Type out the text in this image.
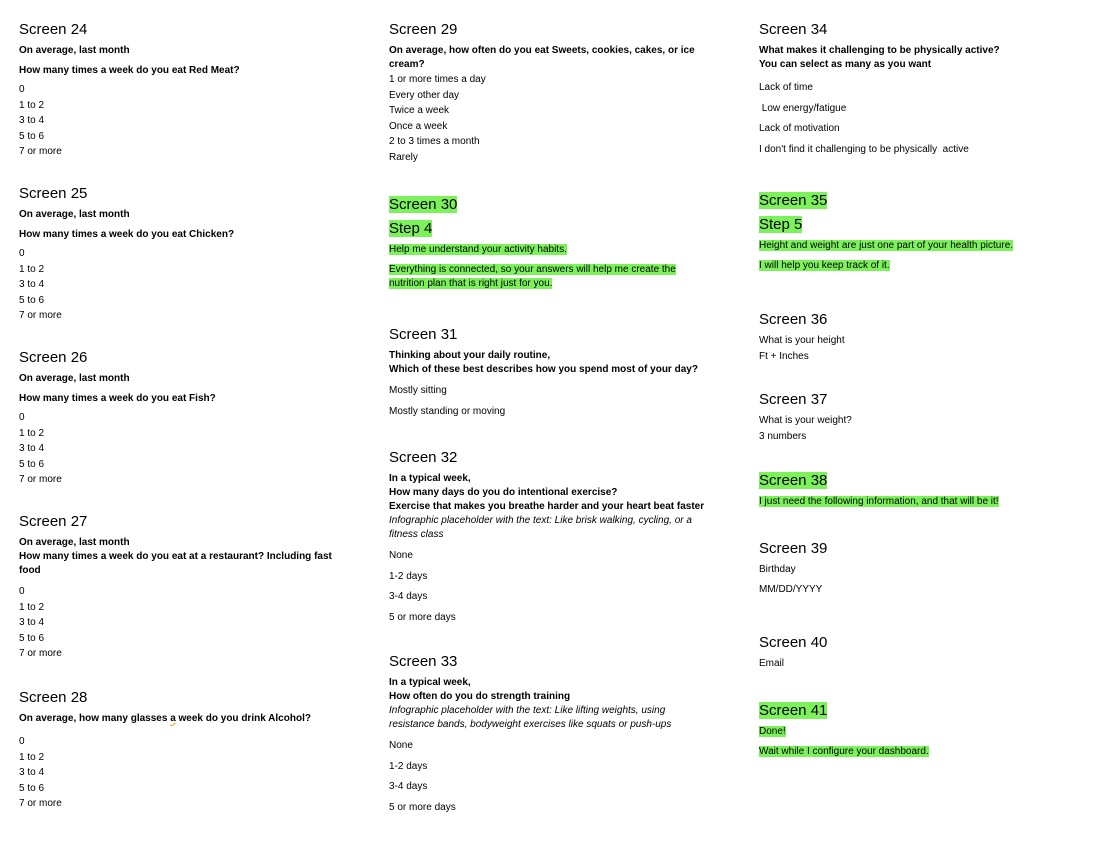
Screen 24

On average, last month

How many times a week do you eat Red Meat?

0

1 to 2

3 to 4

5 to 6

7 or more

Screen 25

On average, last month

How many times a week do you eat Chicken?

0

1 to 2

3 to 4

5 to 6

7 or more

Screen 26

On average, last month

How many times a week do you eat Fish?

0

1 to 2

3 to 4

5 to 6

7 or more

Screen 27

On average, last month

How many times a week do you eat at a restaurant? Including fast food

0

1 to 2

3 to 4

5 to 6

7 or more

Screen 28

On average, how many glasses a week do you drink Alcohol?

0

1 to 2

3 to 4

5 to 6

7 or more

Screen 29

On average, how often do you eat Sweets, cookies, cakes, or ice cream?

1 or more times a day

Every other day

Twice a week

Once a week

2 to 3 times a month

Rarely

Screen 30
Step 4

Help me understand your activity habits.

Everything is connected, so your answers will help me create the
nutrition plan that is right just for you.

Screen 31

Thinking about your daily routine,

Which of these best describes how you spend most of your day?

Mostly sitting

Mostly standing or moving

Screen 32

In a typical week,

How many days do you do intentional exercise?

Exercise that makes you breathe harder and your heart beat faster

Infographic placeholder with the text: Like brisk walking, cycling, or a fitness class

None

1-2 days

3-4 days

5 or more days

Screen 33

In a typical week,

How often do you do strength training

Infographic placeholder with the text: Like lifting weights, using resistance bands, bodyweight exercises like squats or push-ups

None

1-2 days

3-4 days

5 or more days

Screen 34

What makes it challenging to be physically active?

You can select as many as you want

Lack of time

Low energy/fatigue

Lack of motivation

I don't find it challenging to be physically  active

Screen 35
Step 5

Height and weight are just one part of your health picture.

I will help you keep track of it.

Screen 36

What is your height

Ft + Inches

Screen 37

What is your weight?

3 numbers

Screen 38

I just need the following information, and that will be it!

Screen 39

Birthday

MM/DD/YYYY

Screen 40

Email

Screen 41

Done!

Wait while I configure your dashboard.
